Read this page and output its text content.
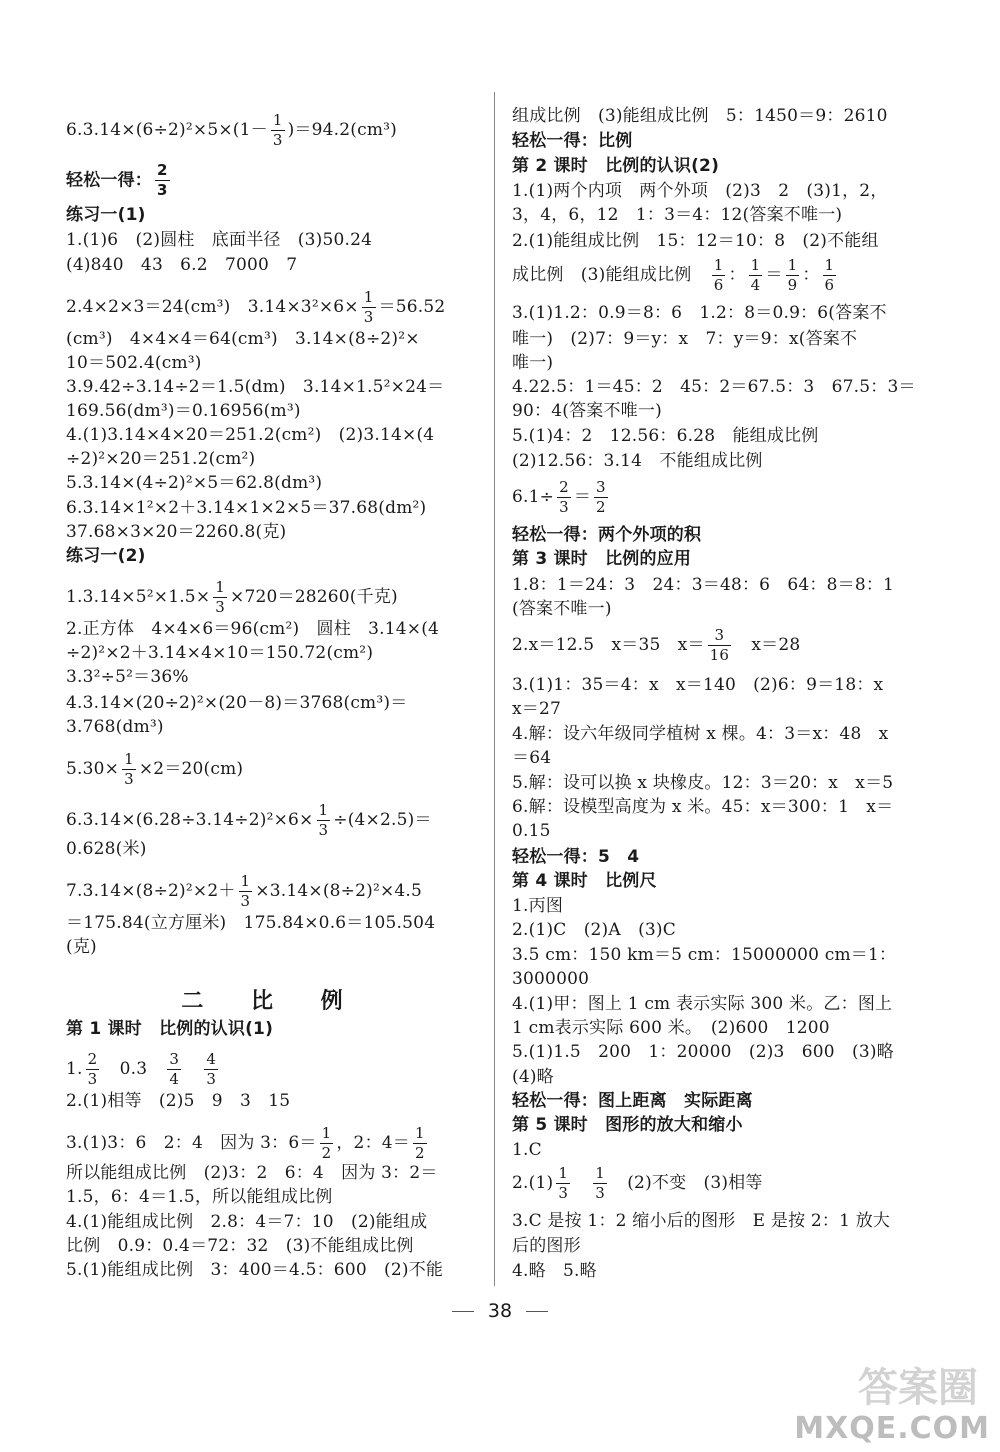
$6.3.14\times(6\div 2)^2\times 5\times(1- \frac{1}{3} )=94.2(cm^3)$
轻松一得： $\frac{2}{3}$
练习一(1)
1.(1)6　(2)圆柱　底面半径　(3)50.24
(4)840　43　6.2　7000　7
2.4×2×3＝24(cm³)　$3.14\times 3^2\times 6\times \frac{1}{3} =56.52$
(cm³)　4×4×4＝64(cm³)　3.14×(8÷2)²×
10＝502.4(cm³)
3.9.42÷3.14÷2＝1.5(dm)　3.14×1.5²×24＝
169.56(dm³)＝0.16956(m³)
4.(1)3.14×4×20＝251.2(cm²)　(2)3.14×(4
÷2)²×20＝251.2(cm²)
5.3.14×(4÷2)²×5＝62.8(dm³)
6.3.14×1²×2＋3.14×1×2×5＝37.68(dm²)
37.68×3×20＝2260.8(克)
练习一(2)
$1.3.14\times 5^2\times 1.5\times \frac{1}{3} \times 720=28260$(千克)
2.正方体　4×4×6＝96(cm²)　圆柱　3.14×(4
÷2)²×2＋3.14×4×10＝150.72(cm²)
3.3²÷5²＝36%
4.3.14×(20÷2)²×(20－8)＝3768(cm³)＝
3.768(dm³)
$5.30\times \frac{1}{3} \times 2=20(cm)$
$6.3.14\times(6.28\div 3.14\div 2)^2\times 6\times \frac{1}{3} \div(4\times 2.5)=$
0.628(米)
$7.3.14\times(8\div 2)^2\times 2+ \frac{1}{3} \times 3.14\times(8\div 2)^2\times 4.5$
＝175.84(立方厘米)　175.84×0.6＝105.504
(克)
二 比 例
第 1 课时　比例的认识(1)
1. $\frac{2}{3}$ 　0.3　 $\frac{3}{4}$
　 $\frac{4}{3}$
2.(1)相等　(2)5　9　3　15
3.(1)3：6　2：4　因为 3：$6= \frac{1}{2}$ ，2：$4= \frac{1}{2}$
所以能组成比例　(2)3：2　6：4　因为 3：2＝
1.5，6：4＝1.5，所以能组成比例
4.(1)能组成比例　2.8：4＝7：10　(2)能组成
比例　0.9：0.4＝72：32　(3)不能组成比例
5.(1)能组成比例　3：400＝4.5：600　(2)不能
组成比例　(3)能组成比例　5：1450＝9：2610
轻松一得：比例
第 2 课时　比例的认识(2)
1.(1)两个内项　两个外项　(2)3　2　(3)1，2，
3，4，6，12　1：3＝4：12(答案不唯一)
2.(1)能组成比例　15：12＝10：8　(2)不能组
成比例　(3)能组成比例　 $\frac{1}{6}$ ： $\frac{1}{4} = \frac{1}{9}$ ： $\frac{1}{6}$
3.(1)1.2：0.9＝8：6　1.2：8＝0.9：6(答案不
唯一)　(2)7：9＝y：x　7：y＝9：x(答案不
唯一)
4.22.5：1＝45：2　45：2＝67.5：3　67.5：3＝
90：4(答案不唯一)
5.(1)4：2　12.56：6.28　能组成比例
(2)12.56：3.14　不能组成比例
$6.1\div \frac{2}{3} = \frac{3}{2}$
轻松一得：两个外项的积
第 3 课时　比例的应用
1.8：1＝24：3　24：3＝48：6　64：8＝8：1
(答案不唯一)
2.x＝12.5　x＝35　$x= \frac{3}{16}$ 　x＝28
3.(1)1：35＝4：x　x＝140　(2)6：9＝18：x
x＝27
4.解：设六年级同学植树 x 棵。4：3＝x：48　x
＝64
5.解：设可以换 x 块橡皮。12：3＝20：x　x＝5
6.解：设模型高度为 x 米。45：x＝300：1　x＝
0.15
轻松一得：5　4
第 4 课时　比例尺
1.丙图
2.(1)C　(2)A　(3)C
3.5 cm：150 km＝5 cm：15000000 cm＝1：
3000000
4.(1)甲：图上 1 cm 表示实际 300 米。乙：图上
1 cm表示实际 600 米。　(2)600　1200
5.(1)1.5　200　1：20000　(2)3　600　(3)略
(4)略
轻松一得：图上距离　实际距离
第 5 课时　图形的放大和缩小
1.C
$2.(1) \frac{1}{3}$
　 $\frac{1}{3}$ 　(2)不变　(3)相等
3.C 是按 1：2 缩小后的图形　E 是按 2：1 放大
后的图形
4.略　5.略
38
答案圈
MXQE.COM
